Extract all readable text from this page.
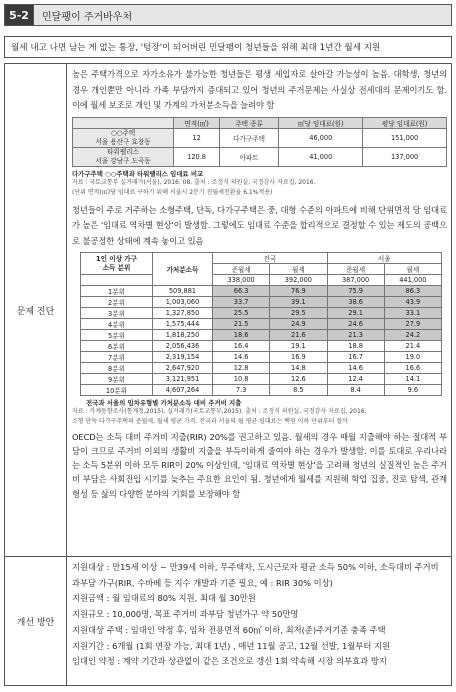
5-2	민달팽이 주거바우처
월세 내고 나면 남는 게 없는 통장, '텅장'이 되어버린 민달팽이 청년들을 위해 최대 1년간 월세 지원
문제 진단

높은 주택가격으로 자가소유가 불가능한 청년들은 평생 세입자로 살아갈 가능성이 높음. 대학생, 청년의 경우 개인뿐만 아니라 가족 부담까지 증대되고 있어 청년의 주거문제는 사실상 전세대의 문제이기도 함. 이에 월세 보조로 개인 및 가계의 가처분소득을 늘려야 함

	면적(㎡)	주택 종류	㎡당 임대료(원)	평당 임대료(원)
○○주택
서울 용산구 효창동	12	다가구주택	46,000	151,000
타워팰리스
서울 강남구 도곡동	120.8	아파트	41,000	137,000
다가구주택 ○○주택과 타워팰리스 임대료 비교
자료 : 국토교통부 실거래가(서울), 2016. 08. 출처 : 조정식 의원실, 국정감사 자료집, 2016.
(단위 면적(㎡)당 임대료 구하기 위해 서울시 2분기 전월세전환율 6.1%적용)

청년들이 주로 거주하는 소형주택, 단독, 다가구주택은 중, 대형 수준의 아파트에 비해 단위면적 당 임대료가 높은 '임대료 역차별 현상'이 발생함. 그렇에도 임대료 수준을 합리적으로 결정할 수 있는 제도의 공백으로 불공정한 상태에 계속 놓이고 있음

1인 이상 가구
소득 분위	가처분소득	전국		서울	
		준월세	월세	준월세	월세
		338,000	392,000	387,000	441,000
1분위	509,881	66.3	76.9	75.9	86.3
2분위	1,003,060	33.7	39.1	38.6	43.9
3분위	1,327,850	25.5	29.5	29.1	33.1
4분위	1,575,444	21.5	24.9	24.6	27.9
5분위	1,818,250	18.6	21.6	21.3	24.2
6분위	2,056,436	16.4	19.1	18.8	21.4
7분위	2,319,154	14.6	16.9	16.7	19.0
8분위	2,647,920	12.8	14.8	14.6	16.6
9분위	3,121,951	10.8	12.6	12.4	14.1
10분위	4,607,264	7.3	8.5	8.4	9.6
전국과 서울의 임차유형별 가처분소득 대비 주거비 지출
자료 : 가계동향조사(통계청,2015), 실거래가(국토교통부,2015). 출처 : 조정식 의원실, 국정감사 자료집, 2016.
소형 단독·다가구주택의 준월세, 월세 평균 가격. 전국과 서울의 월 평균 임대료는 백원 이하 단위부터 절삭

OECD는 소득 대비 주거비 지출(RIR) 20%를 권고하고 있음. 월세의 경우 매월 지출해야 하는 절대적 부담이 크므로 주거비 이외의 생활비 지출을 부득이하게 줄여야 하는 경우가 발생함. 이를 토대로 우리나라는 소득 5분위 이하 모두 RIR이 20% 이상인데, '임대료 역차별 현상'을 고려해 청년의 실질적인 높은 주거비 부담은 사회진입 시기를 늦추는 주요한 요인이 됨. 청년에게 월세를 지원해 학업 집중, 진로 탐색, 관계 형성 등 삶의 다양한 분야의 기회를 보장해야 함

개선 방안
지원대상 : 만15세 이상 ~ 만39세 이하, 무주택자, 도시근로자 평균 소득 50% 이하, 소득대비 주거비 과부담 가구(RIR, 수바베 등 지수 개발과 기준 필요, 예 : RIR 30% 이상)
지원금액 : 월 임대료의 80% 지원, 최대 월 30만원
지원규모 : 10,000명, 목표 주거비 과부담 청년가구 약 50만명
지원대상 주택 : 임대인 약정 후, 임차 전용면적 60㎡ 이하, 최저(준)주거기준 충족 주택
지원기간 : 6개월 (1회 연장 가능, 최대 1년) , 매년 11월 공고, 12월 선발, 1월부터 지원
임대인 약정 : 계약 기간과 상관없이 같은 조건으로 갱신 1회 약속해 시장 의부효과 방지
